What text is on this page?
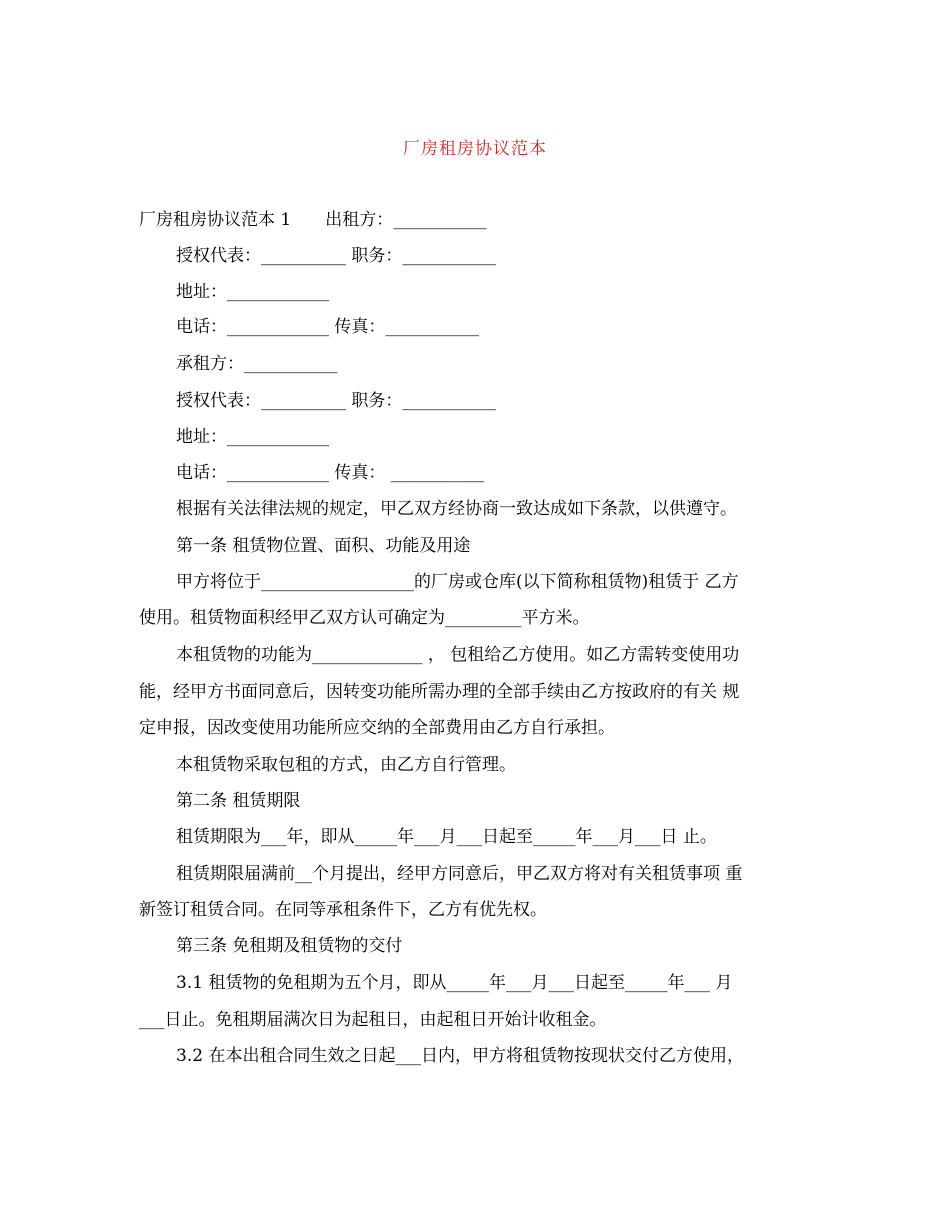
厂房租房协议范本
厂房租房协议范本 1 出租方：___________
授权代表：__________ 职务：___________
地址：____________
电话：____________ 传真：___________
承租方：___________
授权代表：__________ 职务：___________
地址：____________
电话：____________ 传真： ___________
根据有关法律法规的规定，甲乙双方经协商一致达成如下条款，以供遵守。
第一条 租赁物位置、面积、功能及用途
甲方将位于__________________的厂房或仓库(以下简称租赁物)租赁于 乙方
使用。租赁物面积经甲乙双方认可确定为_________平方米。
本租赁物的功能为_____________ ， 包租给乙方使用。如乙方需转变使用功
能，经甲方书面同意后，因转变功能所需办理的全部手续由乙方按政府的有关 规
定申报，因改变使用功能所应交纳的全部费用由乙方自行承担。
本租赁物采取包租的方式，由乙方自行管理。
第二条 租赁期限
租赁期限为___年，即从_____年___月___日起至_____年___月___日 止。
租赁期限届满前__个月提出，经甲方同意后，甲乙双方将对有关租赁事项 重
新签订租赁合同。在同等承租条件下，乙方有优先权。
第三条 免租期及租赁物的交付
3.1 租赁物的免租期为五个月，即从_____年___月___日起至_____年___ 月
___日止。免租期届满次日为起租日，由起租日开始计收租金。
3.2 在本出租合同生效之日起___日内，甲方将租赁物按现状交付乙方使用，
